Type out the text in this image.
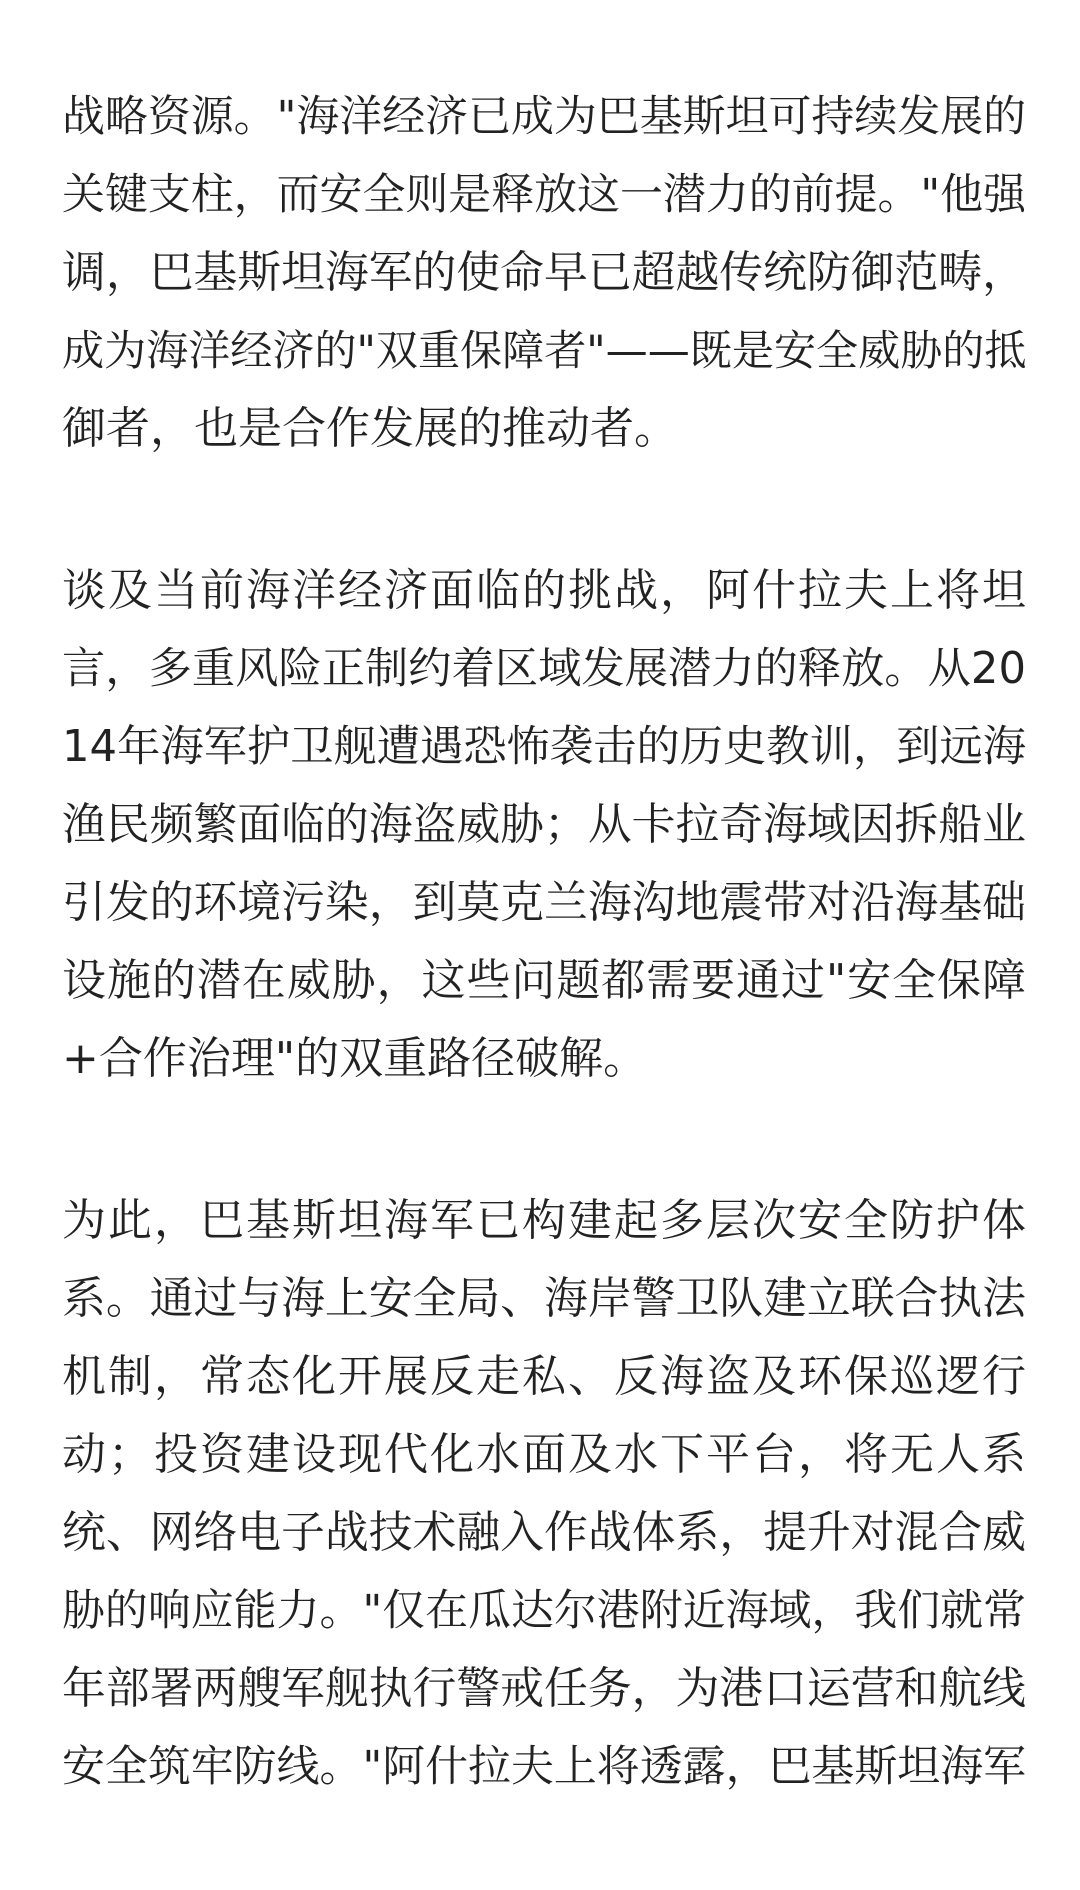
战略资源。"海洋经济已成为巴基斯坦可持续发展的
关键支柱，而安全则是释放这一潜力的前提。"他强
调，巴基斯坦海军的使命早已超越传统防御范畴，
成为海洋经济的"双重保障者"——既是安全威胁的抵
御者，也是合作发展的推动者。
谈及当前海洋经济面临的挑战，阿什拉夫上将坦
言，多重风险正制约着区域发展潜力的释放。从20
14年海军护卫舰遭遇恐怖袭击的历史教训，到远海
渔民频繁面临的海盗威胁；从卡拉奇海域因拆船业
引发的环境污染，到莫克兰海沟地震带对沿海基础
设施的潜在威胁，这些问题都需要通过"安全保障
+合作治理"的双重路径破解。
为此，巴基斯坦海军已构建起多层次安全防护体
系。通过与海上安全局、海岸警卫队建立联合执法
机制，常态化开展反走私、反海盗及环保巡逻行
动；投资建设现代化水面及水下平台，将无人系
统、网络电子战技术融入作战体系，提升对混合威
胁的响应能力。"仅在瓜达尔港附近海域，我们就常
年部署两艘军舰执行警戒任务，为港口运营和航线
安全筑牢防线。"阿什拉夫上将透露，巴基斯坦海军
